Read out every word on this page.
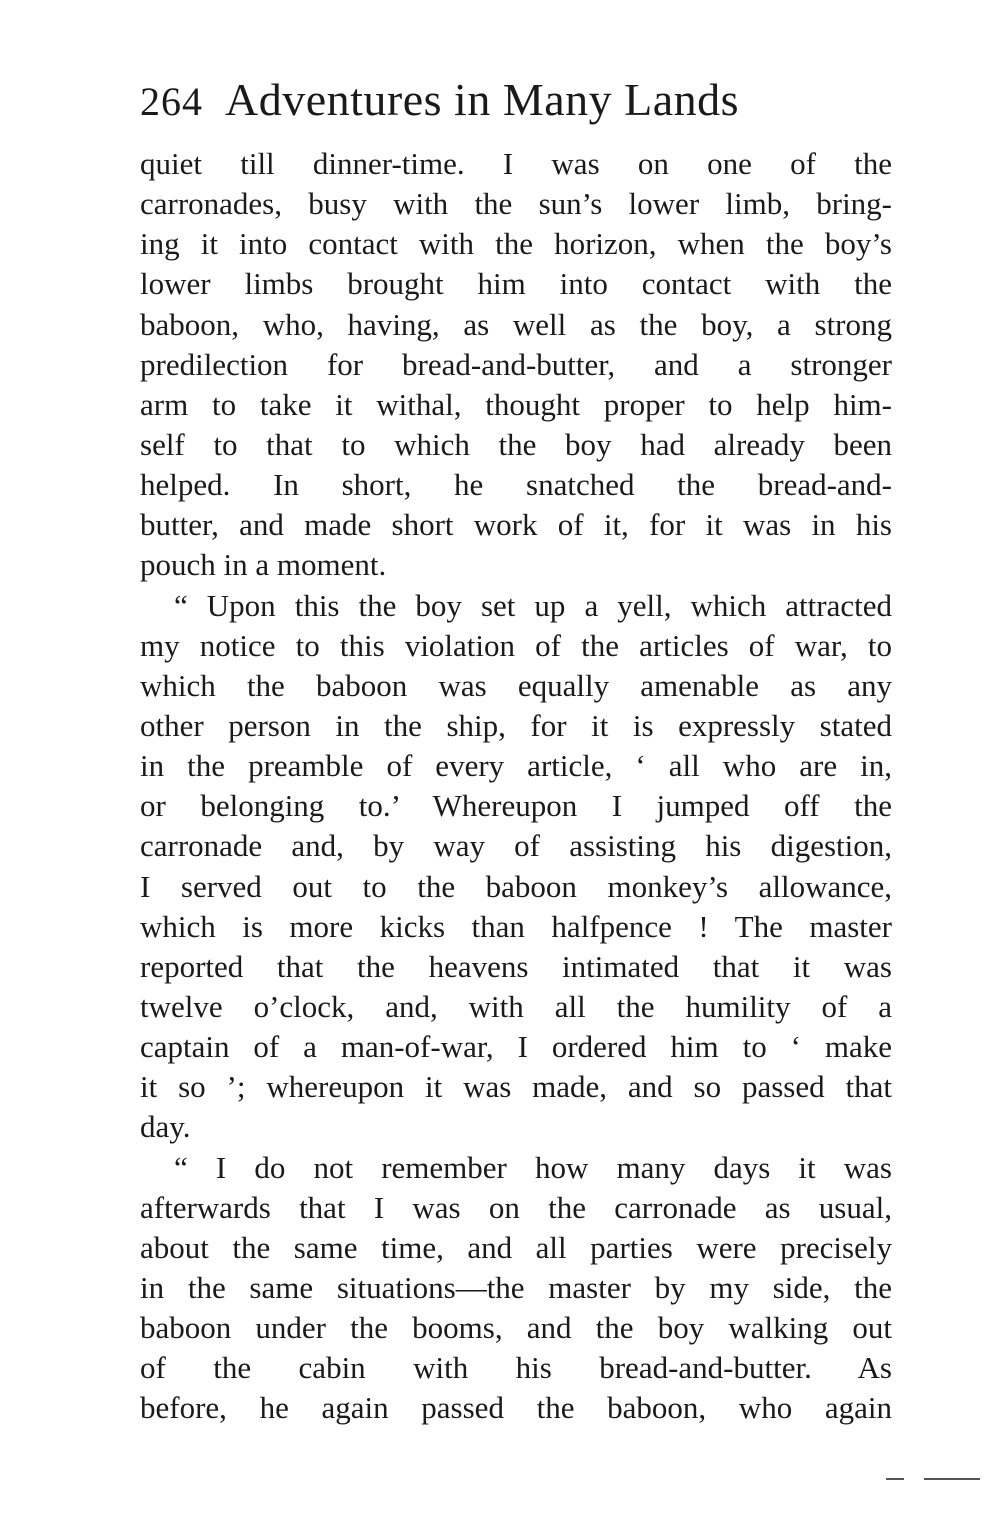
264 Adventures in Many Lands
quiet till dinner-time. I was on one of the
carronades, busy with the sun’s lower limb, bring-
ing it into contact with the horizon, when the boy’s
lower limbs brought him into contact with the
baboon, who, having, as well as the boy, a strong
predilection for bread-and-butter, and a stronger
arm to take it withal, thought proper to help him-
self to that to which the boy had already been
helped. In short, he snatched the bread-and-
butter, and made short work of it, for it was in his
pouch in a moment.
“ Upon this the boy set up a yell, which attracted
my notice to this violation of the articles of war, to
which the baboon was equally amenable as any
other person in the ship, for it is expressly stated
in the preamble of every article, ‘ all who are in,
or belonging to.’ Whereupon I jumped off the
carronade and, by way of assisting his digestion,
I served out to the baboon monkey’s allowance,
which is more kicks than halfpence ! The master
reported that the heavens intimated that it was
twelve o’clock, and, with all the humility of a
captain of a man-of-war, I ordered him to ‘ make
it so ’; whereupon it was made, and so passed that
day.
“ I do not remember how many days it was
afterwards that I was on the carronade as usual,
about the same time, and all parties were precisely
in the same situations—the master by my side, the
baboon under the booms, and the boy walking out
of the cabin with his bread-and-butter. As
before, he again passed the baboon, who again
